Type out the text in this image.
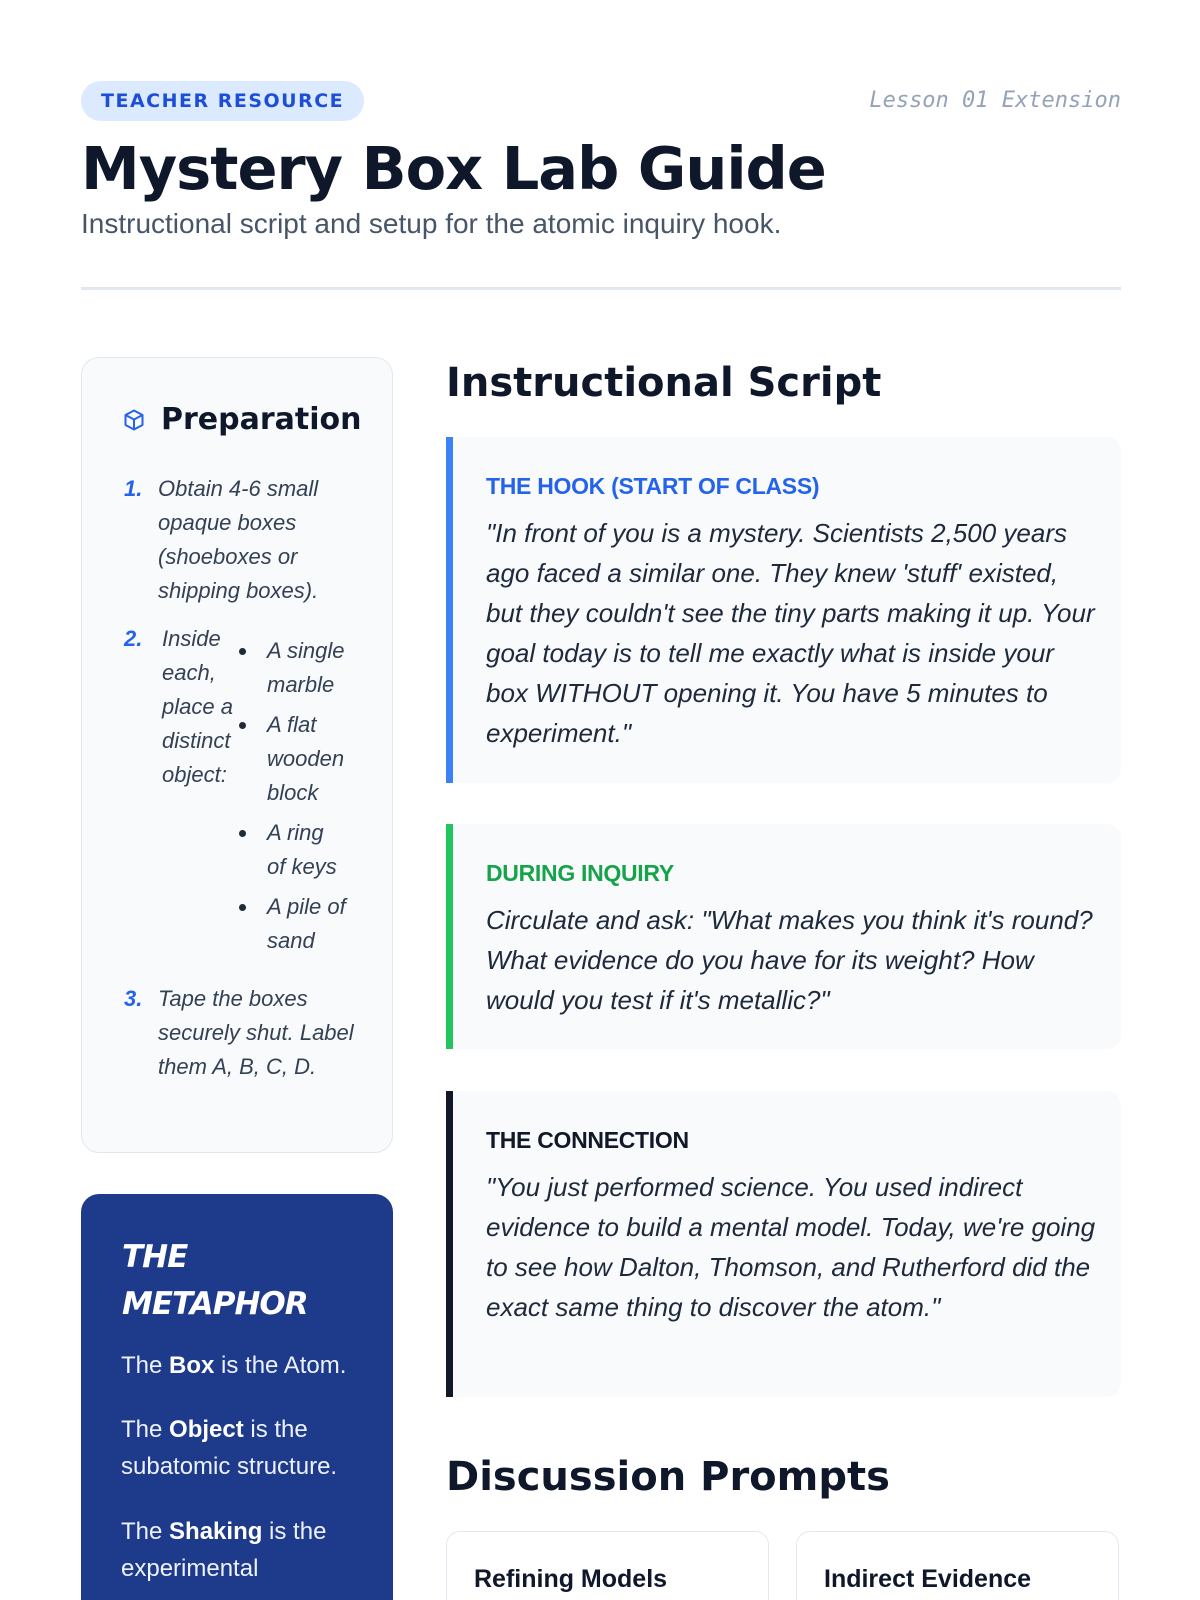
TEACHER RESOURCE	Lesson 01 Extension
Mystery Box Lab Guide

Instructional script and setup for the atomic inquiry hook.

Preparation
1. Obtain 4-6 small opaque boxes (shoeboxes or shipping boxes).
2. Inside each, place a distinct object:
A single marble
A flat wooden block
A ring of keys
A pile of sand
3. Tape the boxes securely shut. Label them A, B, C, D.
THE METAPHOR

The Box is the Atom.

The Object is the subatomic structure.

The Shaking is the experimental

Instructional Script
THE HOOK (START OF CLASS)

"In front of you is a mystery. Scientists 2,500 years ago faced a similar one. They knew 'stuff' existed, but they couldn't see the tiny parts making it up. Your goal today is to tell me exactly what is inside your box WITHOUT opening it. You have 5 minutes to experiment."

DURING INQUIRY

Circulate and ask: "What makes you think it's round? What evidence do you have for its weight? How would you test if it's metallic?"

THE CONNECTION

"You just performed science. You used indirect evidence to build a mental model. Today, we're going to see how Dalton, Thomson, and Rutherford did the exact same thing to discover the atom."

Discussion Prompts
Refining Models	Indirect Evidence
